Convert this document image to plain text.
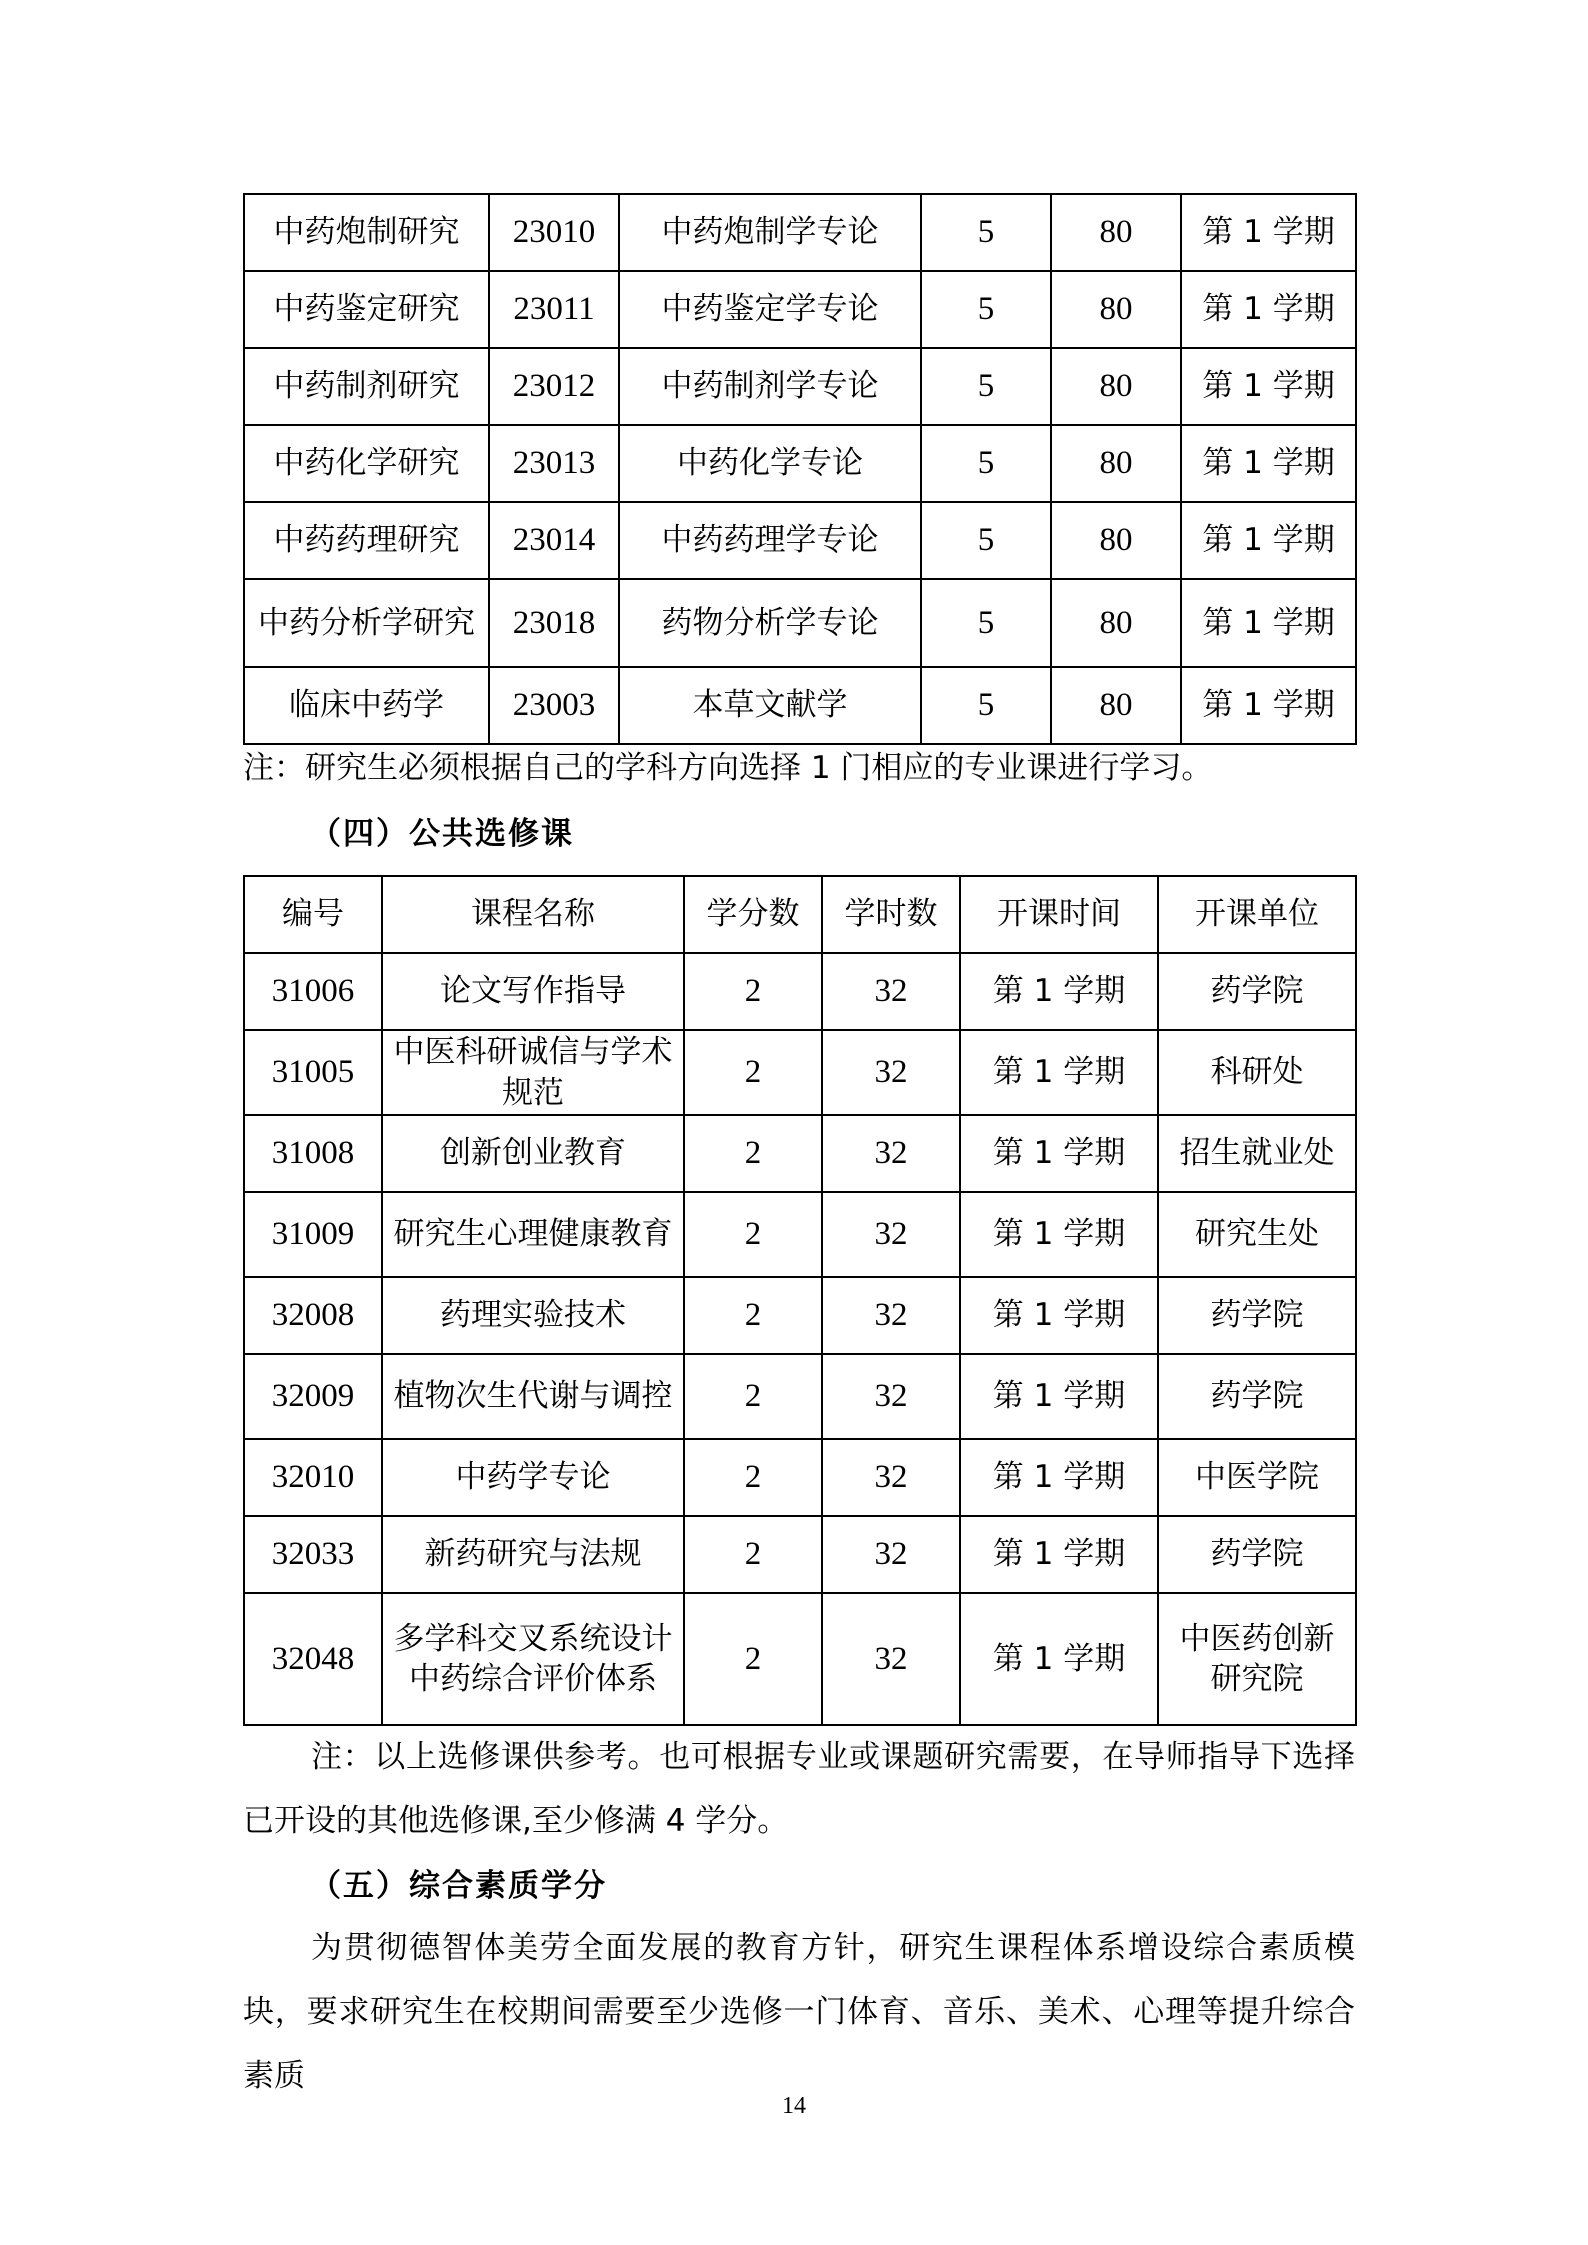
中药炮制研究	23010	中药炮制学专论	5	80	第 1 学期
中药鉴定研究	23011	中药鉴定学专论	5	80	第 1 学期
中药制剂研究	23012	中药制剂学专论	5	80	第 1 学期
中药化学研究	23013	中药化学专论	5	80	第 1 学期
中药药理研究	23014	中药药理学专论	5	80	第 1 学期
中药分析学研究	23018	药物分析学专论	5	80	第 1 学期
临床中药学	23003	本草文献学	5	80	第 1 学期
注：研究生必须根据自己的学科方向选择 1 门相应的专业课进行学习。
（四）公共选修课
编号	课程名称	学分数	学时数	开课时间	开课单位
31006	论文写作指导	2	32	第 1 学期	药学院
31005	中医科研诚信与学术规范	2	32	第 1 学期	科研处
31008	创新创业教育	2	32	第 1 学期	招生就业处
31009	研究生心理健康教育	2	32	第 1 学期	研究生处
32008	药理实验技术	2	32	第 1 学期	药学院
32009	植物次生代谢与调控	2	32	第 1 学期	药学院
32010	中药学专论	2	32	第 1 学期	中医学院
32033	新药研究与法规	2	32	第 1 学期	药学院
32048	多学科交叉系统设计中药综合评价体系	2	32	第 1 学期	中医药创新研究院

注：以上选修课供参考。也可根据专业或课题研究需要，在导师指导下选择已开设的其他选修课,至少修满 4 学分。

（五）综合素质学分

为贯彻德智体美劳全面发展的教育方针，研究生课程体系增设综合素质模块，要求研究生在校期间需要至少选修一门体育、音乐、美术、心理等提升综合素质

14
